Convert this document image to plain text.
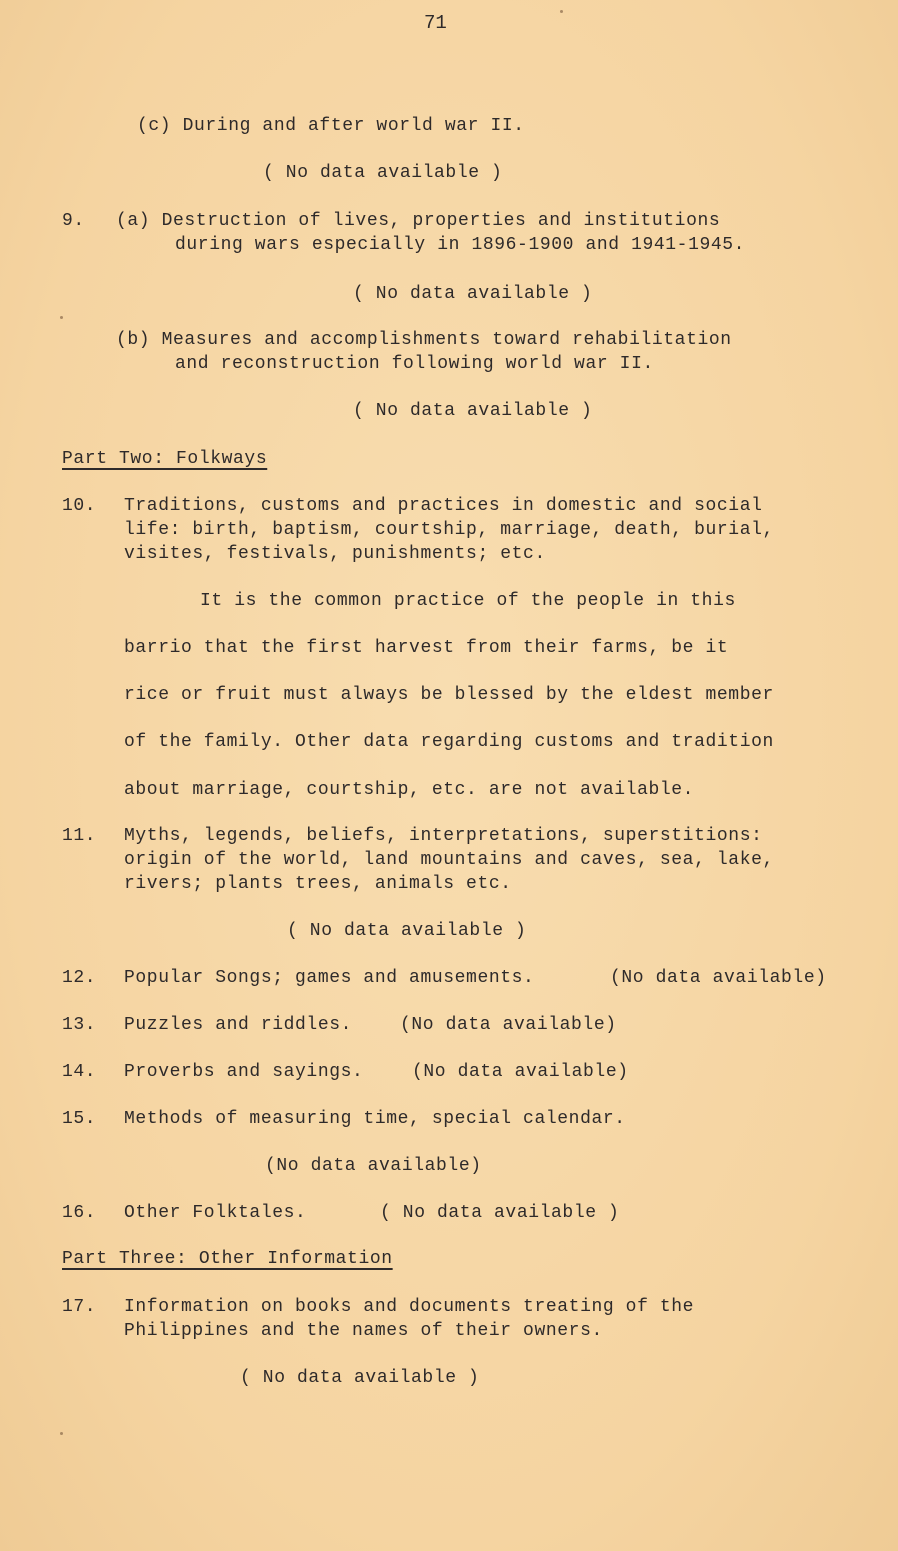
71
(c) During and after world war II.
( No data available )
9. (a) Destruction of lives, properties and institutions
during wars especially in 1896-1900 and 1941-1945.
( No data available )
(b) Measures and accomplishments toward rehabilitation
and reconstruction following world war II.
( No data available )
Part Two: Folkways
10. Traditions, customs and practices in domestic and social
life: birth, baptism, courtship, marriage, death, burial,
visites, festivals, punishments; etc.
It is the common practice of the people in this
barrio that the first harvest from their farms, be it
rice or fruit must always be blessed by the eldest member
of the family. Other data regarding customs and tradition
about marriage, courtship, etc. are not available.
11. Myths, legends, beliefs, interpretations, superstitions:
origin of the world, land mountains and caves, sea, lake,
rivers; plants trees, animals etc.
( No data available )
12. Popular Songs; games and amusements.	(No data available)
13. Puzzles and riddles.	(No data available)
14. Proverbs and sayings.	(No data available)
15. Methods of measuring time, special calendar.
(No data available)
16. Other Folktales.	( No data available )
Part Three: Other Information
17. Information on books and documents treating of the
Philippines and the names of their owners.
( No data available )
